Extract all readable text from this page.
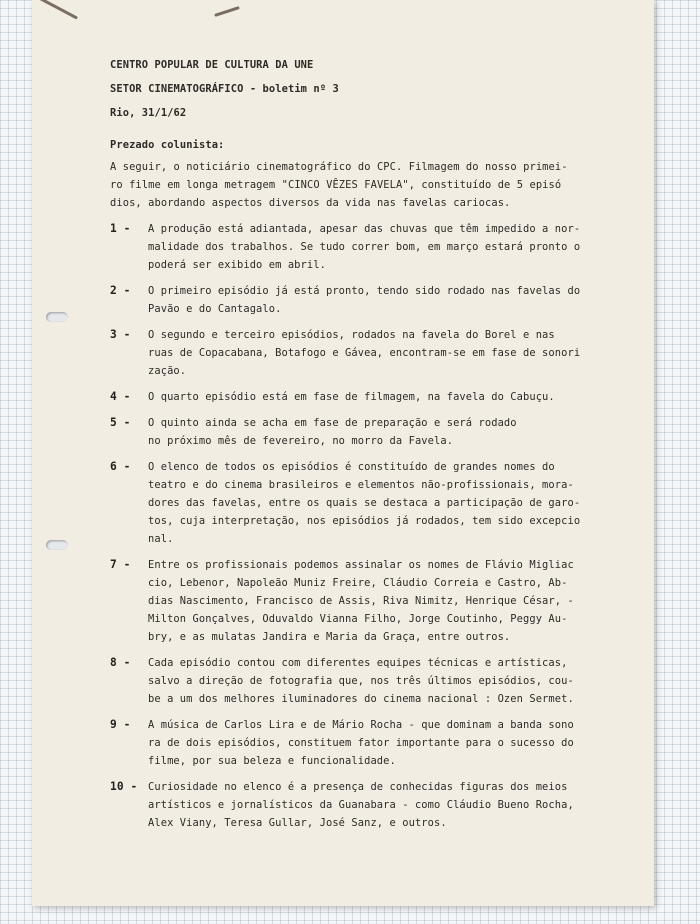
CENTRO POPULAR DE CULTURA DA UNE
SETOR CINEMATOGRÁFICO - boletim nº 3
Rio, 31/1/62
Prezado colunista:
A seguir, o noticiário cinematográfico do CPC. Filmagem do nosso primei-
ro filme em longa metragem "CINCO VÊZES FAVELA", constituído de 5 episó
dios, abordando aspectos diversos da vida nas favelas cariocas.
1 -	A produção está adiantada, apesar das chuvas que têm impedido a nor-
malidade dos trabalhos. Se tudo correr bom, em março estará pronto o
poderá ser exibido em abril.
2 -	O primeiro episódio já está pronto, tendo sido rodado nas favelas do
Pavão e do Cantagalo.
3 -	O segundo e terceiro episódios, rodados na favela do Borel e nas
ruas de Copacabana, Botafogo e Gávea, encontram-se em fase de sonori
zação.
4 -	O quarto episódio está em fase de filmagem, na favela do Cabuçu.
5 -	O quinto ainda se acha em fase de preparação e será rodado
no próximo mês de fevereiro, no morro da Favela.
6 -	O elenco de todos os episódios é constituído de grandes nomes do
teatro e do cinema brasileiros e elementos não-profissionais, mora-
dores das favelas, entre os quais se destaca a participação de garo-
tos, cuja interpretação, nos episódios já rodados, tem sido excepcio
nal.
7 -	Entre os profissionais podemos assinalar os nomes de Flávio Migliac
cio, Lebenor, Napoleão Muniz Freire, Cláudio Correia e Castro, Ab-
dias Nascimento, Francisco de Assis, Riva Nimitz, Henrique César, -
Milton Gonçalves, Oduvaldo Vianna Filho, Jorge Coutinho, Peggy Au-
bry, e as mulatas Jandira e Maria da Graça, entre outros.
8 -	Cada episódio contou com diferentes equipes técnicas e artísticas,
salvo a direção de fotografia que, nos três últimos episódios, cou-
be a um dos melhores iluminadores do cinema nacional : Ozen Sermet.
9 -	A música de Carlos Lira e de Mário Rocha - que dominam a banda sono
ra de dois episódios, constituem fator importante para o sucesso do
filme, por sua beleza e funcionalidade.
10 -	Curiosidade no elenco é a presença de conhecidas figuras dos meios
artísticos e jornalísticos da Guanabara - como Cláudio Bueno Rocha,
Alex Viany, Teresa Gullar, José Sanz, e outros.
